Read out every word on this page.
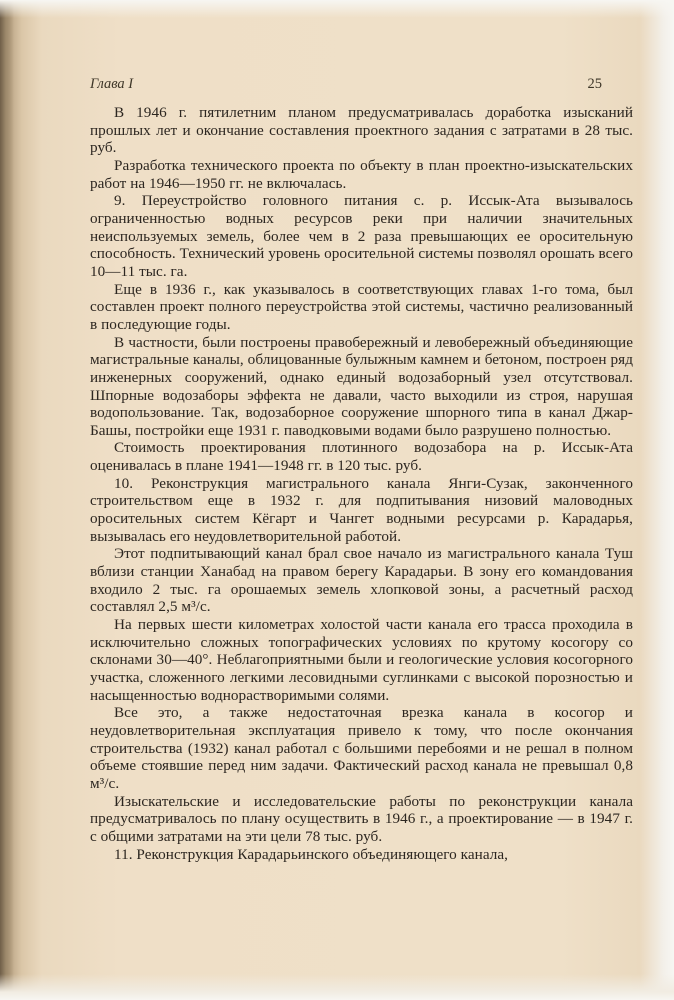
Глава I	25

В 1946 г. пятилетним планом предусматривалась доработка изысканий прошлых лет и окончание составления проектного задания с затратами в 28 тыс. руб.

Разработка технического проекта по объекту в план проектно-изыскательских работ на 1946—1950 гг. не включалась.

9. Переустройство головного питания с. р. Иссык-Ата вызывалось ограниченностью водных ресурсов реки при наличии значительных неиспользуемых земель, более чем в 2 раза превышающих ее оросительную способность. Технический уровень оросительной системы позволял орошать всего 10—11 тыс. га.

Еще в 1936 г., как указывалось в соответствующих главах 1-го тома, был составлен проект полного переустройства этой системы, частично реализованный в последующие годы.

В частности, были построены правобережный и левобережный объединяющие магистральные каналы, облицованные булыжным камнем и бетоном, построен ряд инженерных сооружений, однако единый водозаборный узел отсутствовал. Шпорные водозаборы эффекта не давали, часто выходили из строя, нарушая водопользование. Так, водозаборное сооружение шпорного типа в канал Джар-Башы, постройки еще 1931 г. паводковыми водами было разрушено полностью.

Стоимость проектирования плотинного водозабора на р. Иссык-Ата оценивалась в плане 1941—1948 гг. в 120 тыс. руб.

10. Реконструкция магистрального канала Янги-Сузак, законченного строительством еще в 1932 г. для подпитывания низовий маловодных оросительных систем Кёгарт и Чангет водными ресурсами р. Карадарья, вызывалась его неудовлетворительной работой.

Этот подпитывающий канал брал свое начало из магистрального канала Туш вблизи станции Ханабад на правом берегу Карадарьи. В зону его командования входило 2 тыс. га орошаемых земель хлопковой зоны, а расчетный расход составлял 2,5 м³/с.

На первых шести километрах холостой части канала его трасса проходила в исключительно сложных топографических условиях по крутому косогору со склонами 30—40°. Неблагоприятными были и геологические условия косогорного участка, сложенного легкими лесовидными суглинками с высокой порозностью и насыщенностью воднорастворимыми солями.

Все это, а также недостаточная врезка канала в косогор и неудовлетворительная эксплуатация привело к тому, что после окончания строительства (1932) канал работал с большими перебоями и не решал в полном объеме стоявшие перед ним задачи. Фактический расход канала не превышал 0,8 м³/с.

Изыскательские и исследовательские работы по реконструкции канала предусматривалось по плану осуществить в 1946 г., а проектирование — в 1947 г. с общими затратами на эти цели 78 тыс. руб.

11. Реконструкция Карадарьинского объединяющего канала,
